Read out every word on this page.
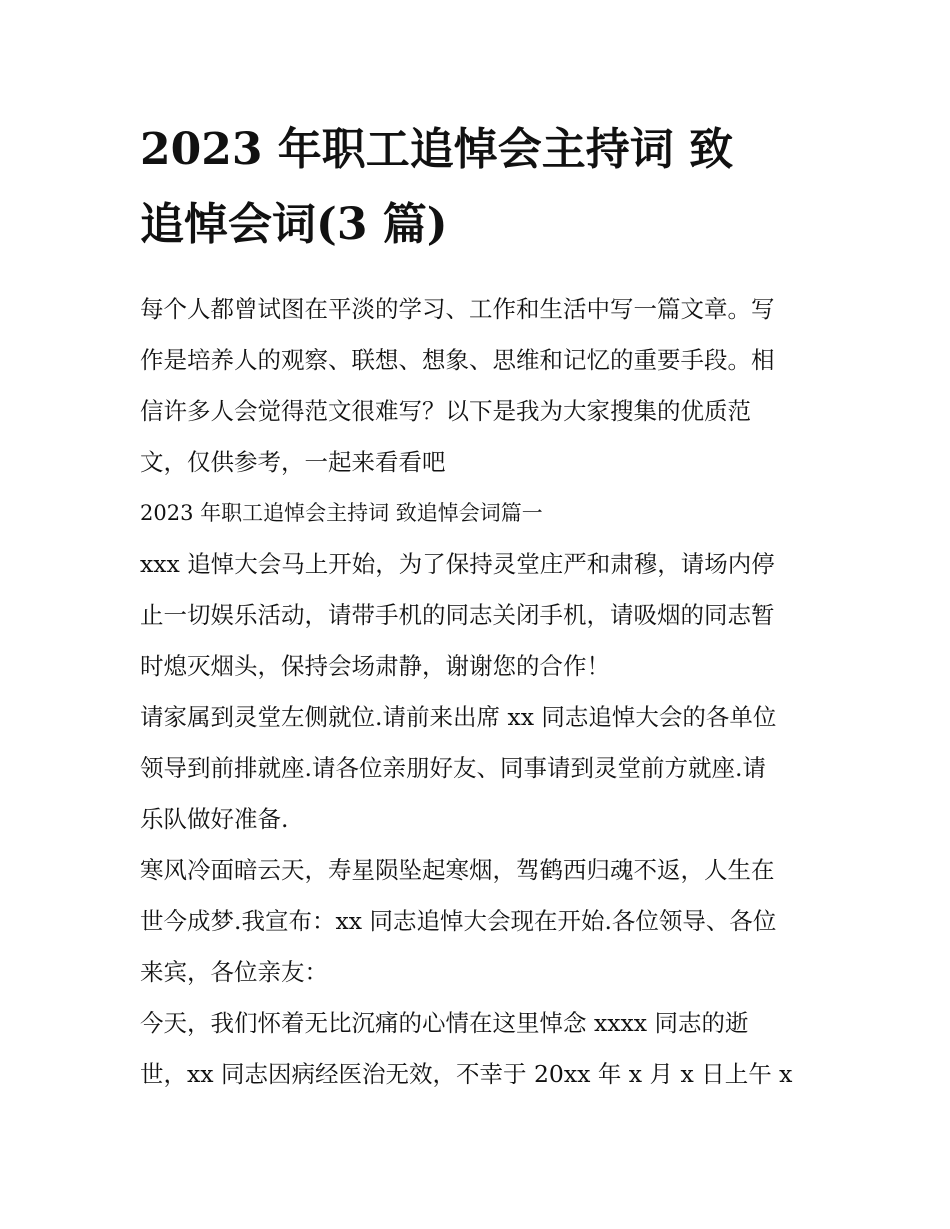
2023 年职工追悼会主持词 致
追悼会词(3 篇)

每个人都曾试图在平淡的学习、工作和生活中写一篇文章。写
作是培养人的观察、联想、想象、思维和记忆的重要手段。相
信许多人会觉得范文很难写？以下是我为大家搜集的优质范
文，仅供参考，一起来看看吧

2023 年职工追悼会主持词 致追悼会词篇一

xxx 追悼大会马上开始，为了保持灵堂庄严和肃穆，请场内停
止一切娱乐活动，请带手机的同志关闭手机，请吸烟的同志暂
时熄灭烟头，保持会场肃静，谢谢您的合作！

请家属到灵堂左侧就位.请前来出席 xx 同志追悼大会的各单位
领导到前排就座.请各位亲朋好友、同事请到灵堂前方就座.请
乐队做好准备.

寒风冷面暗云天，寿星陨坠起寒烟，驾鹤西归魂不返，人生在
世今成梦.我宣布：xx 同志追悼大会现在开始.各位领导、各位
来宾，各位亲友：

今天，我们怀着无比沉痛的心情在这里悼念 xxxx 同志的逝
世，xx 同志因病经医治无效，不幸于 20xx 年 x 月 x 日上午 x
